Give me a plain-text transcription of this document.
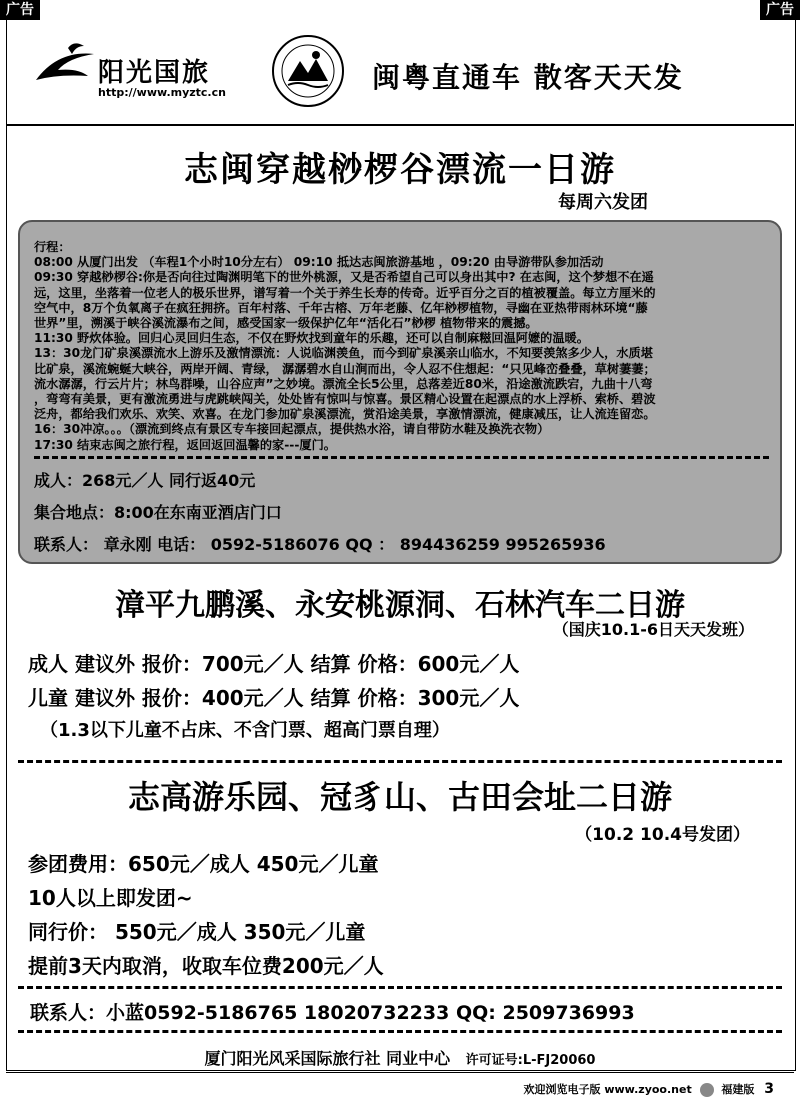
广告	广告
阳光国旅
http://www.myztc.cn	闽粤直通车 散客天天发
志闽穿越桫椤谷漂流一日游
每周六发团
行程：
08:00 从厦门出发 （车程1个小时10分左右） 09:10 抵达志闽旅游基地 ，09:20 由导游带队参加活动
09:30 穿越桫椤谷:你是否向往过陶渊明笔下的世外桃源，又是否希望自己可以身出其中? 在志闽，这个梦想不在遥
远，这里，坐落着一位老人的极乐世界，谱写着一个关于养生长寿的传奇。近乎百分之百的植被覆盖。每立方厘米的
空气中，8万个负氧离子在疯狂拥挤。百年村落、千年古榕、万年老藤、亿年桫椤植物，寻幽在亚热带雨林环境“藤
世界”里，溯溪于峡谷溪流瀑布之间，感受国家一级保护亿年“活化石”桫椤 植物带来的震撼。
11:30 野炊体验。回归心灵回归生态，不仅在野炊找到童年的乐趣，还可以自制麻糍回温阿嬷的温暖。
13：30龙门矿泉溪漂流水上游乐及激情漂流：人说临渊羡鱼，而今到矿泉溪亲山临水，不知要羡煞多少人，水质堪
比矿泉，溪流蜿蜒大峡谷，两岸开阔、青绿， 潺潺碧水自山涧而出，令人忍不住想起：“只见峰峦叠叠，草树萋萋；
流水潺潺，行云片片；林鸟群噪，山谷应声”之妙境。漂流全长5公里，总落差近80米，沿途激流跌宕，九曲十八弯
，弯弯有美景，更有激流勇进与虎跳峡闯关，处处皆有惊叫与惊喜。景区精心设置在起漂点的水上浮桥、索桥、碧波
泛舟，都给我们欢乐、欢笑、欢喜。在龙门参加矿泉溪漂流，赏沿途美景，享激情漂流，健康减压，让人流连留恋。
16：30冲凉。。。（漂流到终点有景区专车接回起漂点，提供热水浴，请自带防水鞋及换洗衣物）
17:30 结束志闽之旅行程，返回返回温馨的家---厦门。
成人：268元／人 同行返40元
集合地点：8:00在东南亚酒店门口
联系人： 章永刚 电话： 0592-5186076 QQ ： 894436259 995265936
漳平九鹏溪、永安桃源洞、石林汽车二日游
（国庆10.1-6日天天发班）
成人 建议外 报价：700元／人 结算 价格：600元／人
儿童 建议外 报价：400元／人 结算 价格：300元／人
（1.3以下儿童不占床、不含门票、超高门票自理）
志高游乐园、冠豸山、古田会址二日游
（10.2 10.4号发团）
参团费用：650元／成人 450元／儿童
10人以上即发团~
同行价： 550元／成人 350元／儿童
提前3天内取消，收取车位费200元／人
联系人：小蓝0592-5186765 18020732233 QQ: 2509736993
厦门阳光风采国际旅行社 同业中心 许可证号:L-FJ20060
欢迎浏览电子版 www.zyoo.net	福建版 3
